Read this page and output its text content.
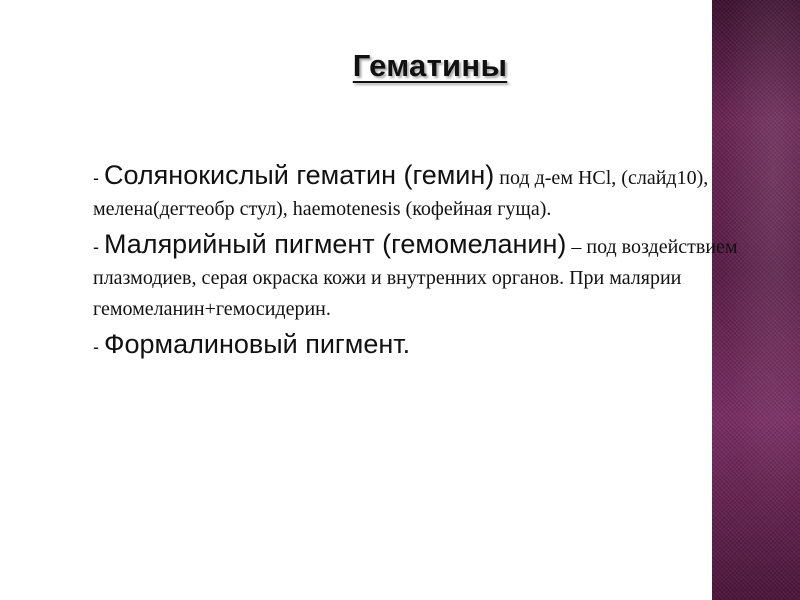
Гематины

- Солянокислый гематин (гемин) под д-ем HCl, (слайд10), мелена(дегтеобр стул), haemotenesis (кофейная гуща).

- Малярийный пигмент (гемомеланин) – под воздействием плазмодиев, серая окраска кожи и внутренних органов. При малярии гемомеланин+гемосидерин.

- Формалиновый пигмент.
